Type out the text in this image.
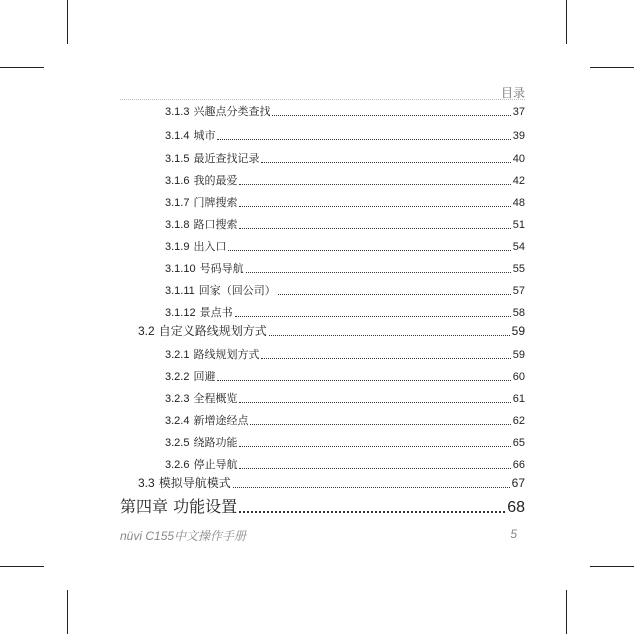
目录
3.1.3 兴趣点分类查找	37
3.1.4 城市	39
3.1.5 最近查找记录	40
3.1.6 我的最爱	42
3.1.7 门牌搜索	48
3.1.8 路口搜索	51
3.1.9 出入口	54
3.1.10 号码导航	55
3.1.11 回家（回公司）	57
3.1.12 景点书	58
3.2 自定义路线规划方式	59
3.2.1 路线规划方式	59
3.2.2 回避	60
3.2.3 全程概览	61
3.2.4 新增途经点	62
3.2.5 绕路功能	65
3.2.6 停止导航	66
3.3 模拟导航模式	67
第四章 功能设置	68
nüvi C155中文操作手册	5
